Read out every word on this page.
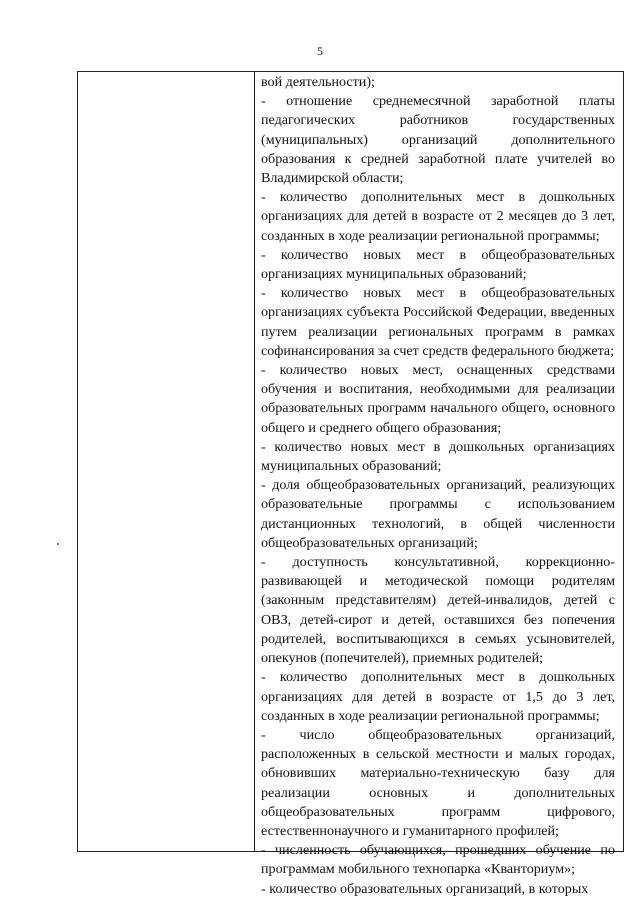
5
вой деятельности);
- отношение среднемесячной заработной платы педагогических работников государственных (муниципальных) организаций дополнительного образования к средней заработной плате учителей во Владимирской области;
- количество дополнительных мест в дошкольных организациях для детей в возрасте от 2 месяцев до 3 лет, созданных в ходе реализации региональной программы;
- количество новых мест в общеобразовательных организациях муниципальных образований;
- количество новых мест в общеобразовательных организациях субъекта Российской Федерации, введенных путем реализации региональных программ в рамках софинансирования за счет средств федерального бюджета;
- количество новых мест, оснащенных средствами обучения и воспитания, необходимыми для реализации образовательных программ начального общего, основного общего и среднего общего образования;
- количество новых мест в дошкольных организациях муниципальных образований;
- доля общеобразовательных организаций, реализующих образовательные программы с использованием дистанционных технологий, в общей численности общеобразовательных организаций;
- доступность консультативной, коррекционно-развивающей и методической помощи родителям (законным представителям) детей-инвалидов, детей с ОВЗ, детей-сирот и детей, оставшихся без попечения родителей, воспитывающихся в семьях усыновителей, опекунов (попечителей), приемных родителей;
- количество дополнительных мест в дошкольных организациях для детей в возрасте от 1,5 до 3 лет, созданных в ходе реализации региональной программы;
- число общеобразовательных организаций, расположенных в сельской местности и малых городах, обновивших материально-техническую базу для реализации основных и дополнительных общеобразовательных программ цифрового, естественнонаучного и гуманитарного профилей;
- численность обучающихся, прошедших обучение по программам мобильного технопарка «Кванториум»;
- количество образовательных организаций, в которых
